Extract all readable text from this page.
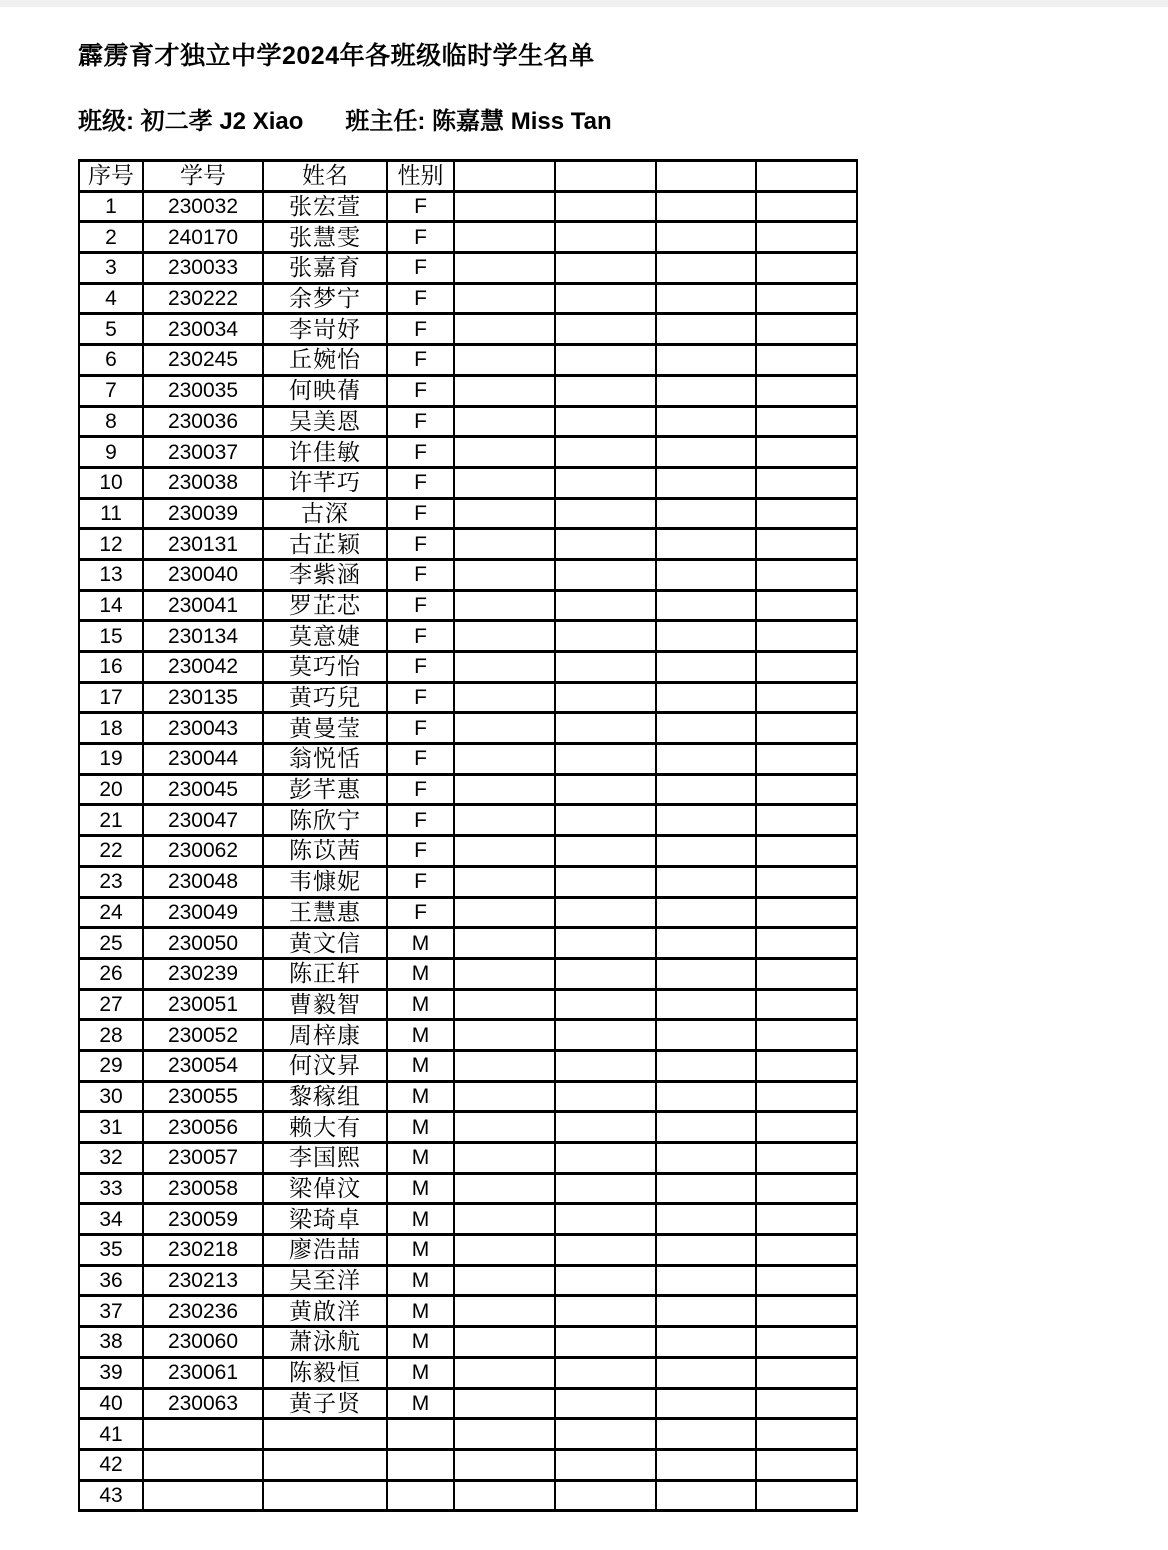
霹雳育才独立中学2024年各班级临时学生名单
班级: 初二孝 J2 Xiao 班主任: 陈嘉慧 Miss Tan
序号	学号	姓名	性别				
1	230032	张宏萱	F				
2	240170	张慧雯	F				
3	230033	张嘉育	F				
4	230222	余梦宁	F				
5	230034	李岢妤	F				
6	230245	丘婉怡	F				
7	230035	何映蒨	F				
8	230036	吴美恩	F				
9	230037	许佳敏	F				
10	230038	许芊巧	F				
11	230039	古深	F				
12	230131	古芷颖	F				
13	230040	李紫涵	F				
14	230041	罗芷芯	F				
15	230134	莫意婕	F				
16	230042	莫巧怡	F				
17	230135	黄巧兒	F				
18	230043	黄曼莹	F				
19	230044	翁悦恬	F				
20	230045	彭芊惠	F				
21	230047	陈欣宁	F				
22	230062	陈苡茜	F				
23	230048	韦慷妮	F				
24	230049	王慧惠	F				
25	230050	黄文信	M				
26	230239	陈正轩	M				
27	230051	曹毅智	M				
28	230052	周梓康	M				
29	230054	何汶昇	M				
30	230055	黎稼组	M				
31	230056	赖大有	M				
32	230057	李国熙	M				
33	230058	梁倬汶	M				
34	230059	梁琦卓	M				
35	230218	廖浩喆	M				
36	230213	吴至洋	M				
37	230236	黄啟洋	M				
38	230060	萧泳航	M				
39	230061	陈毅恒	M				
40	230063	黄子贤	M				
41							
42							
43							
